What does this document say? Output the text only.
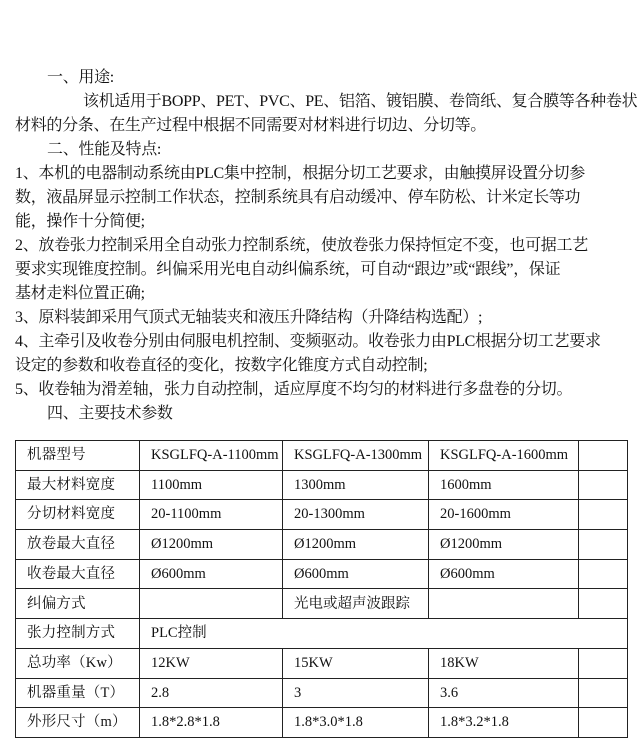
一、用途:
该机适用于BOPP、PET、PVC、PE、铝箔、镀铝膜、卷筒纸、复合膜等各种卷状
材料的分条、在生产过程中根据不同需要对材料进行切边、分切等。
二、性能及特点:
1、本机的电器制动系统由PLC集中控制，根据分切工艺要求，由触摸屏设置分切参
数，液晶屏显示控制工作状态，控制系统具有启动缓冲、停车防松、计米定长等功
能，操作十分简便;
2、放卷张力控制采用全自动张力控制系统，使放卷张力保持恒定不变，也可据工艺
要求实现锥度控制。纠偏采用光电自动纠偏系统，可自动“跟边”或“跟线”，保证
基材走料位置正确;
3、原料装卸采用气顶式无轴装夹和液压升降结构（升降结构选配）;
4、主牵引及收卷分别由伺服电机控制、变频驱动。收卷张力由PLC根据分切工艺要求
设定的参数和收卷直径的变化，按数字化锥度方式自动控制;
5、收卷轴为滑差轴，张力自动控制，适应厚度不均匀的材料进行多盘卷的分切。
四、主要技术参数
机器型号	KSGLFQ-A-1100mm	KSGLFQ-A-1300mm	KSGLFQ-A-1600mm	
最大材料宽度	1100mm	1300mm	1600mm	
分切材料宽度	20-1100mm	20-1300mm	20-1600mm	
放卷最大直径	Ø1200mm	Ø1200mm	Ø1200mm	
收卷最大直径	Ø600mm	Ø600mm	Ø600mm	
纠偏方式		光电或超声波跟踪		
张力控制方式	PLC控制			
总功率（Kw）	12KW	15KW	18KW	
机器重量（T）	2.8	3	3.6	
外形尺寸（m）	1.8*2.8*1.8	1.8*3.0*1.8	1.8*3.2*1.8	
